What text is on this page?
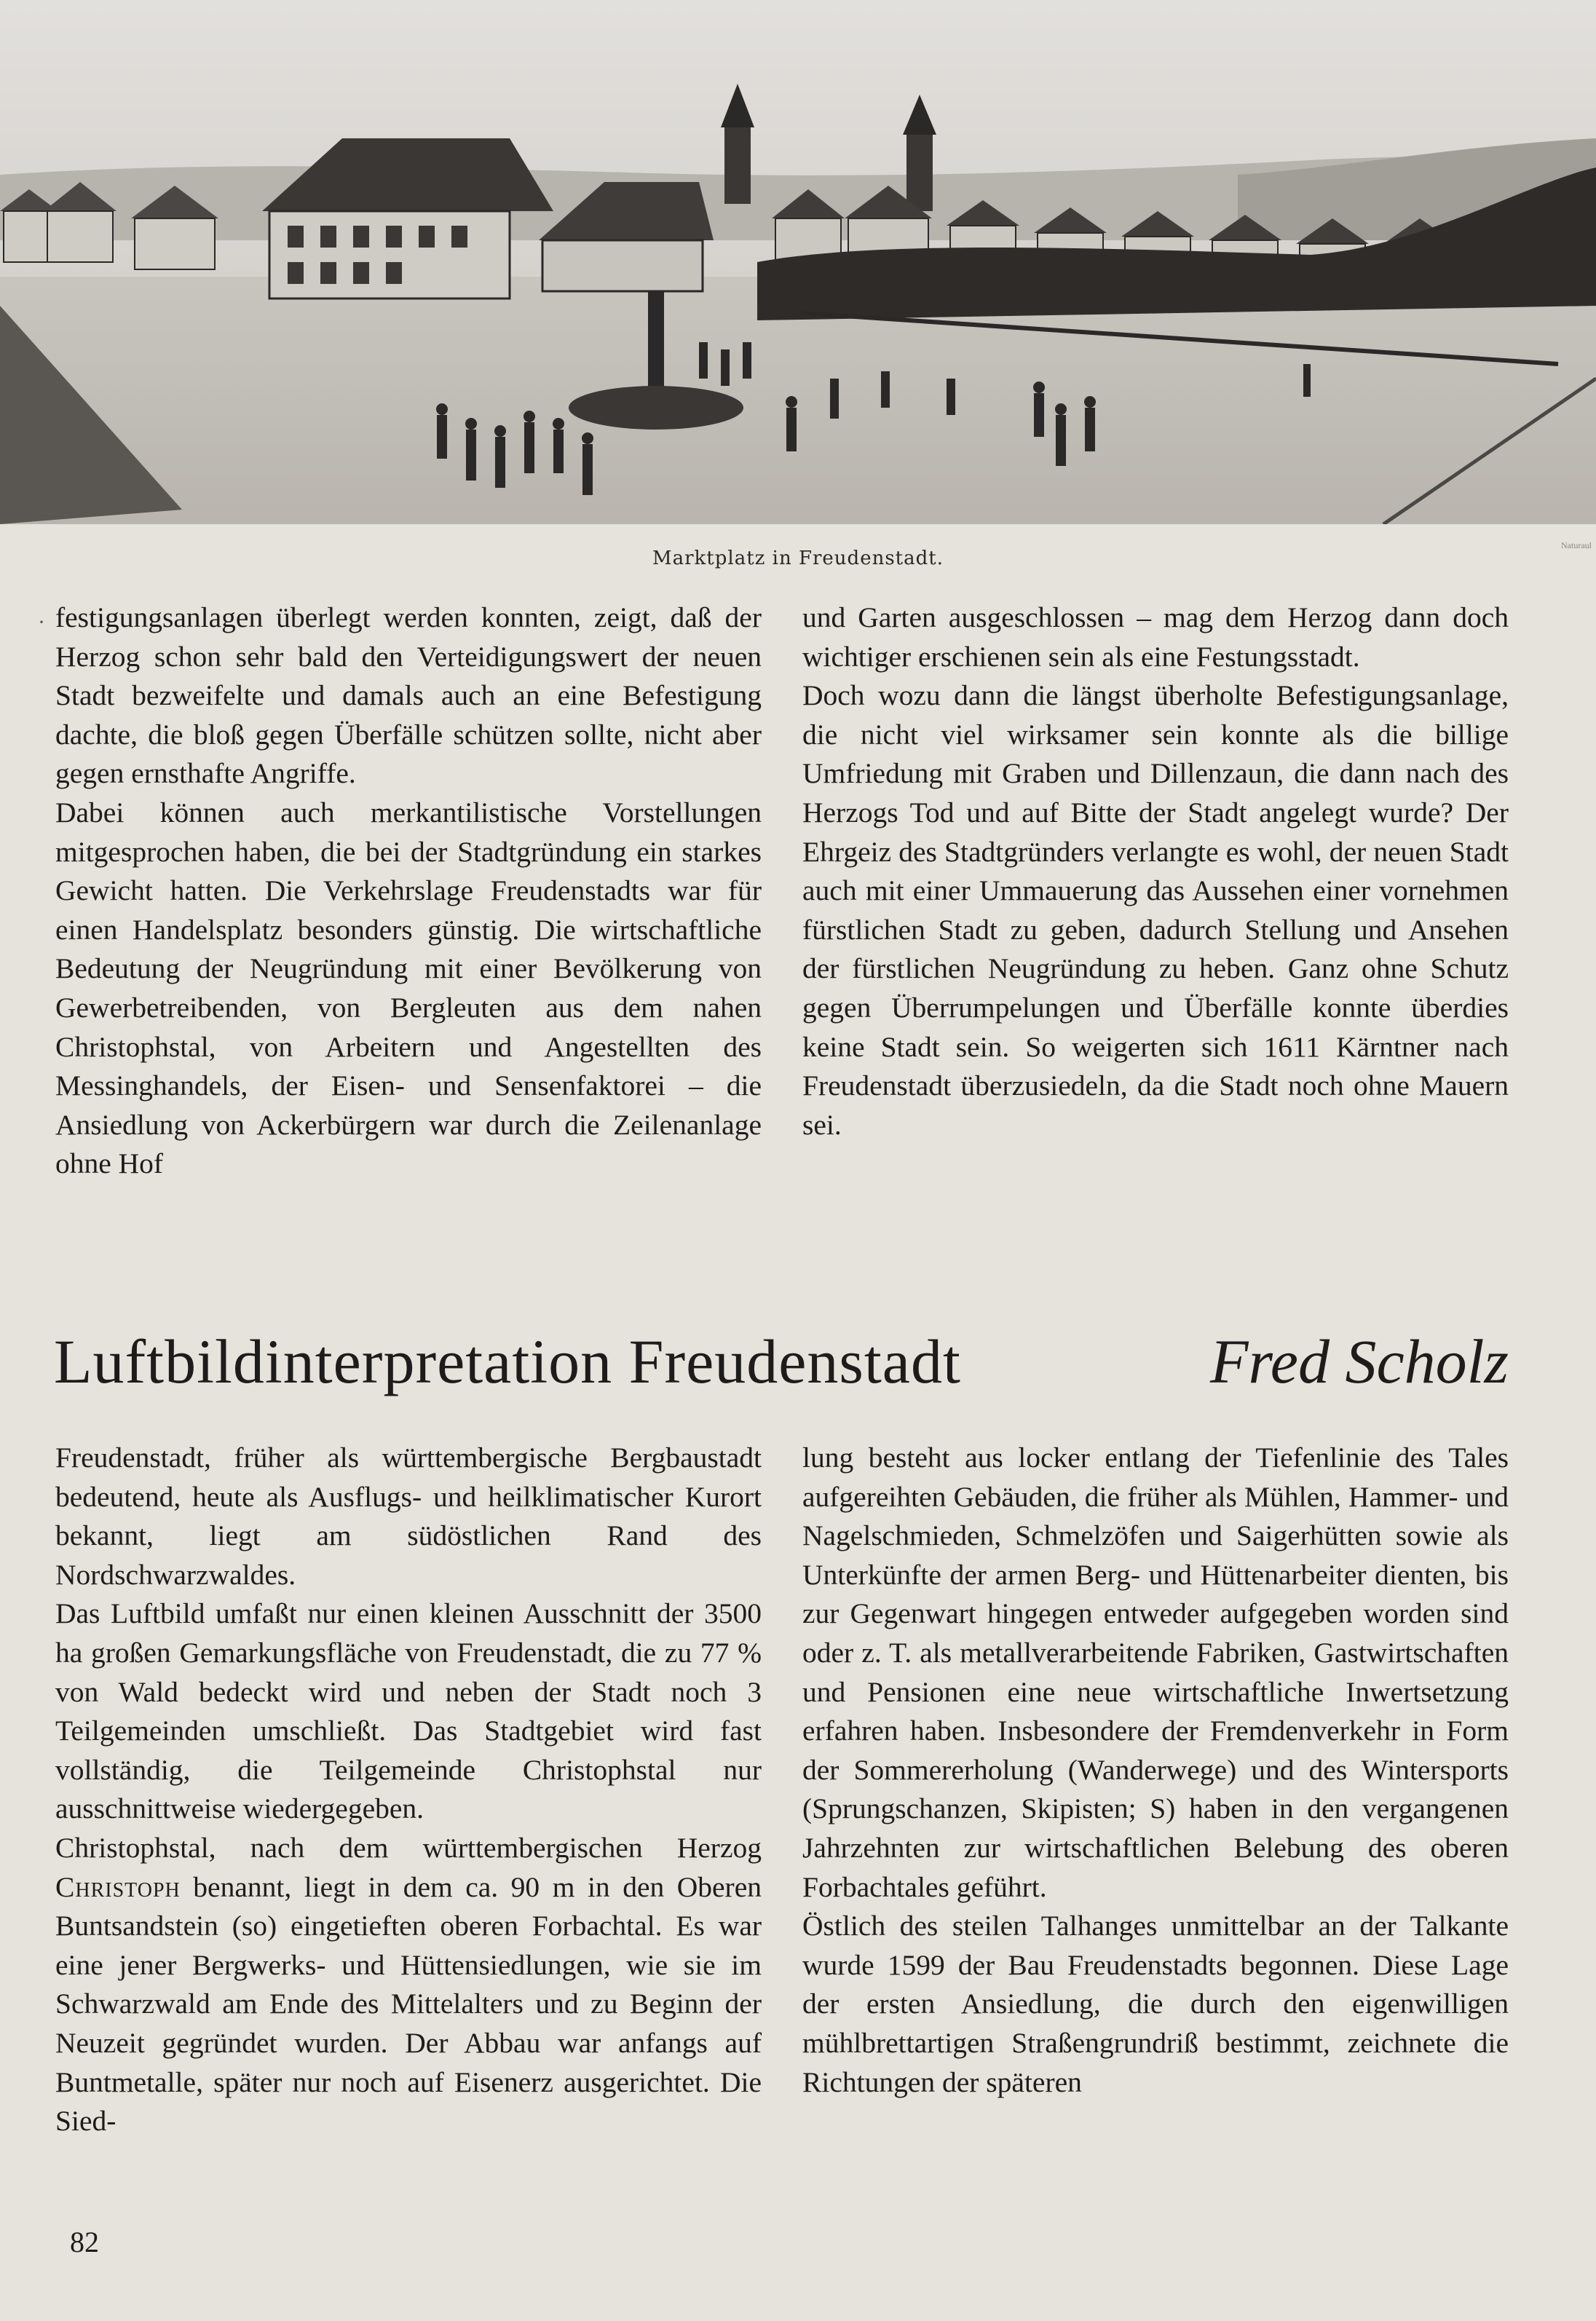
Naturaul
Marktplatz in Freudenstadt.
· festigungsanlagen überlegt werden konnten, zeigt, daß der Herzog schon sehr bald den Verteidigungswert der neuen Stadt bezweifelte und damals auch an eine Befestigung dachte, die bloß gegen Überfälle schützen sollte, nicht aber gegen ernsthafte Angriffe.

Dabei können auch merkantilistische Vorstellungen mitgesprochen haben, die bei der Stadtgründung ein starkes Gewicht hatten. Die Verkehrslage Freudenstadts war für einen Handelsplatz besonders günstig. Die wirtschaftliche Bedeutung der Neugründung mit einer Bevölkerung von Gewerbetreibenden, von Bergleuten aus dem nahen Christophstal, von Arbeitern und Angestellten des Messinghandels, der Eisen- und Sensenfaktorei – die Ansiedlung von Ackerbürgern war durch die Zeilenanlage ohne Hof

und Garten ausgeschlossen – mag dem Herzog dann doch wichtiger erschienen sein als eine Festungsstadt.

Doch wozu dann die längst überholte Befestigungsanlage, die nicht viel wirksamer sein konnte als die billige Umfriedung mit Graben und Dillenzaun, die dann nach des Herzogs Tod und auf Bitte der Stadt angelegt wurde? Der Ehrgeiz des Stadtgründers verlangte es wohl, der neuen Stadt auch mit einer Ummauerung das Aussehen einer vornehmen fürstlichen Stadt zu geben, dadurch Stellung und Ansehen der fürstlichen Neugründung zu heben. Ganz ohne Schutz gegen Überrumpelungen und Überfälle konnte überdies keine Stadt sein. So weigerten sich 1611 Kärntner nach Freudenstadt überzusiedeln, da die Stadt noch ohne Mauern sei.

Luftbildinterpretation Freudenstadt	Fred Scholz

Freudenstadt, früher als württembergische Bergbaustadt bedeutend, heute als Ausflugs- und heilklimatischer Kurort bekannt, liegt am südöstlichen Rand des Nordschwarzwaldes.

Das Luftbild umfaßt nur einen kleinen Ausschnitt der 3500 ha großen Gemarkungsfläche von Freudenstadt, die zu 77 % von Wald bedeckt wird und neben der Stadt noch 3 Teilgemeinden umschließt. Das Stadtgebiet wird fast vollständig, die Teilgemeinde Christophstal nur ausschnittweise wiedergegeben.

Christophstal, nach dem württembergischen Herzog Christoph benannt, liegt in dem ca. 90 m in den Oberen Buntsandstein (so) eingetieften oberen Forbachtal. Es war eine jener Bergwerks- und Hüttensiedlungen, wie sie im Schwarzwald am Ende des Mittelalters und zu Beginn der Neuzeit gegründet wurden. Der Abbau war anfangs auf Buntmetalle, später nur noch auf Eisenerz ausgerichtet. Die Sied-

lung besteht aus locker entlang der Tiefenlinie des Tales aufgereihten Gebäuden, die früher als Mühlen, Hammer- und Nagelschmieden, Schmelzöfen und Saigerhütten sowie als Unterkünfte der armen Berg- und Hüttenarbeiter dienten, bis zur Gegenwart hingegen entweder aufgegeben worden sind oder z. T. als metallverarbeitende Fabriken, Gastwirtschaften und Pensionen eine neue wirtschaftliche Inwertsetzung erfahren haben. Insbesondere der Fremdenverkehr in Form der Sommererholung (Wanderwege) und des Wintersports (Sprungschanzen, Skipisten; S) haben in den vergangenen Jahrzehnten zur wirtschaftlichen Belebung des oberen Forbachtales geführt.

Östlich des steilen Talhanges unmittelbar an der Talkante wurde 1599 der Bau Freudenstadts begonnen. Diese Lage der ersten Ansiedlung, die durch den eigenwilligen mühlbrettartigen Straßengrundriß bestimmt, zeichnete die Richtungen der späteren

82
